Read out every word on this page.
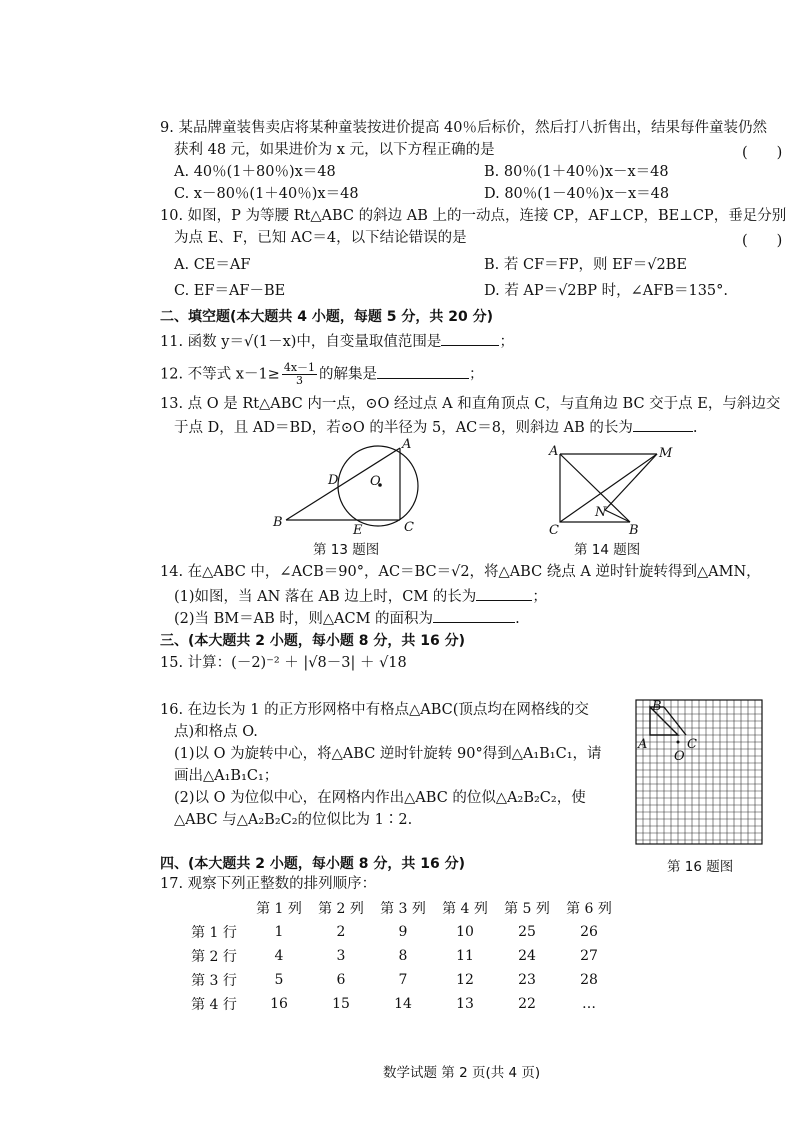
9. 某品牌童装售卖店将某种童装按进价提高 40％后标价，然后打八折售出，结果每件童装仍然
获利 48 元，如果进价为 x 元，以下方程正确的是	(　　)
A. 40％(1＋80％)x＝48	B. 80％(1＋40％)x－x＝48
C. x－80％(1＋40％)x＝48	D. 80％(1－40％)x－x＝48
10. 如图，P 为等腰 Rt△ABC 的斜边 AB 上的一动点，连接 CP，AF⊥CP，BE⊥CP，垂足分别
为点 E、F，已知 AC＝4，以下结论错误的是	(　　)
A. CE＝AF	B. 若 CF＝FP，则 EF＝√2BE
C. EF＝AF－BE	D. 若 AP＝√2BP 时，∠AFB＝135°.
二、填空题(本大题共 4 小题，每题 5 分，共 20 分)
11. 函数 y＝√(1－x)中，自变量取值范围是	；
12. 不等式 $x-1\ge \frac{4x-1}{3}$ 的解集是	；
13. 点 O 是 Rt△ABC 内一点，⊙O 经过点 A 和直角顶点 C，与直角边 BC 交于点 E，与斜边交
于点 D，且 AD＝BD，若⊙O 的半径为 5，AC＝8，则斜边 AB 的长为	.
A
D O
B
E	C
第 13 题图
A	M
N
C	B
第 14 题图
14. 在△ABC 中，∠ACB＝90°，AC＝BC＝√2，将△ABC 绕点 A 逆时针旋转得到△AMN，
(1)如图，当 AN 落在 AB 边上时，CM 的长为	；
(2)当 BM＝AB 时，则△ACM 的面积为	.
三、(本大题共 2 小题，每小题 8 分，共 16 分)
15. 计算：(－2)⁻² ＋ |√8－3| ＋ √18
16. 在边长为 1 的正方形网格中有格点△ABC(顶点均在网格线的交
点)和格点 O.
(1)以 O 为旋转中心，将△ABC 逆时针旋转 90°得到△A₁B₁C₁，请
画出△A₁B₁C₁；
(2)以 O 为位似中心，在网格内作出△ABC 的位似△A₂B₂C₂，使
△ABC 与△A₂B₂C₂的位似比为 1∶2.
B
A	C
O
第 16 题图
四、(本大题共 2 小题，每小题 8 分，共 16 分)
17. 观察下列正整数的排列顺序：
	第 1 列	第 2 列	第 3 列	第 4 列	第 5 列	第 6 列
第 1 行	1	2	9	10	25	26
第 2 行	4	3	8	11	24	27
第 3 行	5	6	7	12	23	28
第 4 行	16	15	14	13	22	…
数学试题 第 2 页(共 4 页)
